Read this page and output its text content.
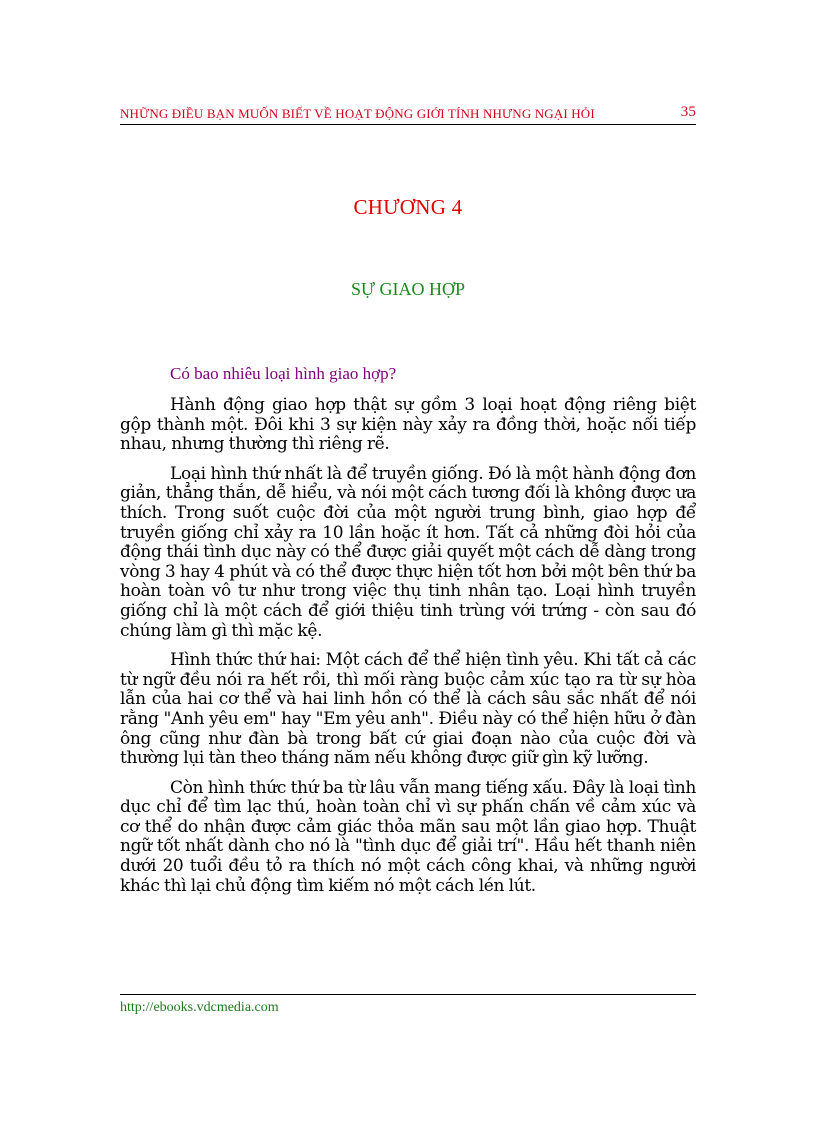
NHỮNG ĐIỀU BẠN MUỐN BIẾT VỀ HOẠT ĐỘNG GIỚI TÍNH NHƯNG NGẠI HỎI	35
CHƯƠNG 4
SỰ GIAO HỢP
Có bao nhiêu loại hình giao hợp?

Hành động giao hợp thật sự gồm 3 loại hoạt động riêng biệt gộp thành một. Đôi khi 3 sự kiện này xảy ra đồng thời, hoặc nối tiếp nhau, nhưng thường thì riêng rẽ.

Loại hình thứ nhất là để truyền giống. Đó là một hành động đơn giản, thẳng thắn, dễ hiểu, và nói một cách tương đối là không được ưa thích. Trong suốt cuộc đời của một người trung bình, giao hợp để truyền giống chỉ xảy ra 10 lần hoặc ít hơn. Tất cả những đòi hỏi của động thái tình dục này có thể được giải quyết một cách dễ dàng trong vòng 3 hay 4 phút và có thể được thực hiện tốt hơn bởi một bên thứ ba hoàn toàn vô tư như trong việc thụ tinh nhân tạo. Loại hình truyền giống chỉ là một cách để giới thiệu tinh trùng với trứng - còn sau đó chúng làm gì thì mặc kệ.

Hình thức thứ hai: Một cách để thể hiện tình yêu. Khi tất cả các từ ngữ đều nói ra hết rồi, thì mối ràng buộc cảm xúc tạo ra từ sự hòa lẫn của hai cơ thể và hai linh hồn có thể là cách sâu sắc nhất để nói rằng "Anh yêu em" hay "Em yêu anh". Điều này có thể hiện hữu ở đàn ông cũng như đàn bà trong bất cứ giai đoạn nào của cuộc đời và thường lụi tàn theo tháng năm nếu không được giữ gìn kỹ lưỡng.

Còn hình thức thứ ba từ lâu vẫn mang tiếng xấu. Đây là loại tình dục chỉ để tìm lạc thú, hoàn toàn chỉ vì sự phấn chấn về cảm xúc và cơ thể do nhận được cảm giác thỏa mãn sau một lần giao hợp. Thuật ngữ tốt nhất dành cho nó là "tình dục để giải trí". Hầu hết thanh niên dưới 20 tuổi đều tỏ ra thích nó một cách công khai, và những người khác thì lại chủ động tìm kiếm nó một cách lén lút.

http://ebooks.vdcmedia.com
